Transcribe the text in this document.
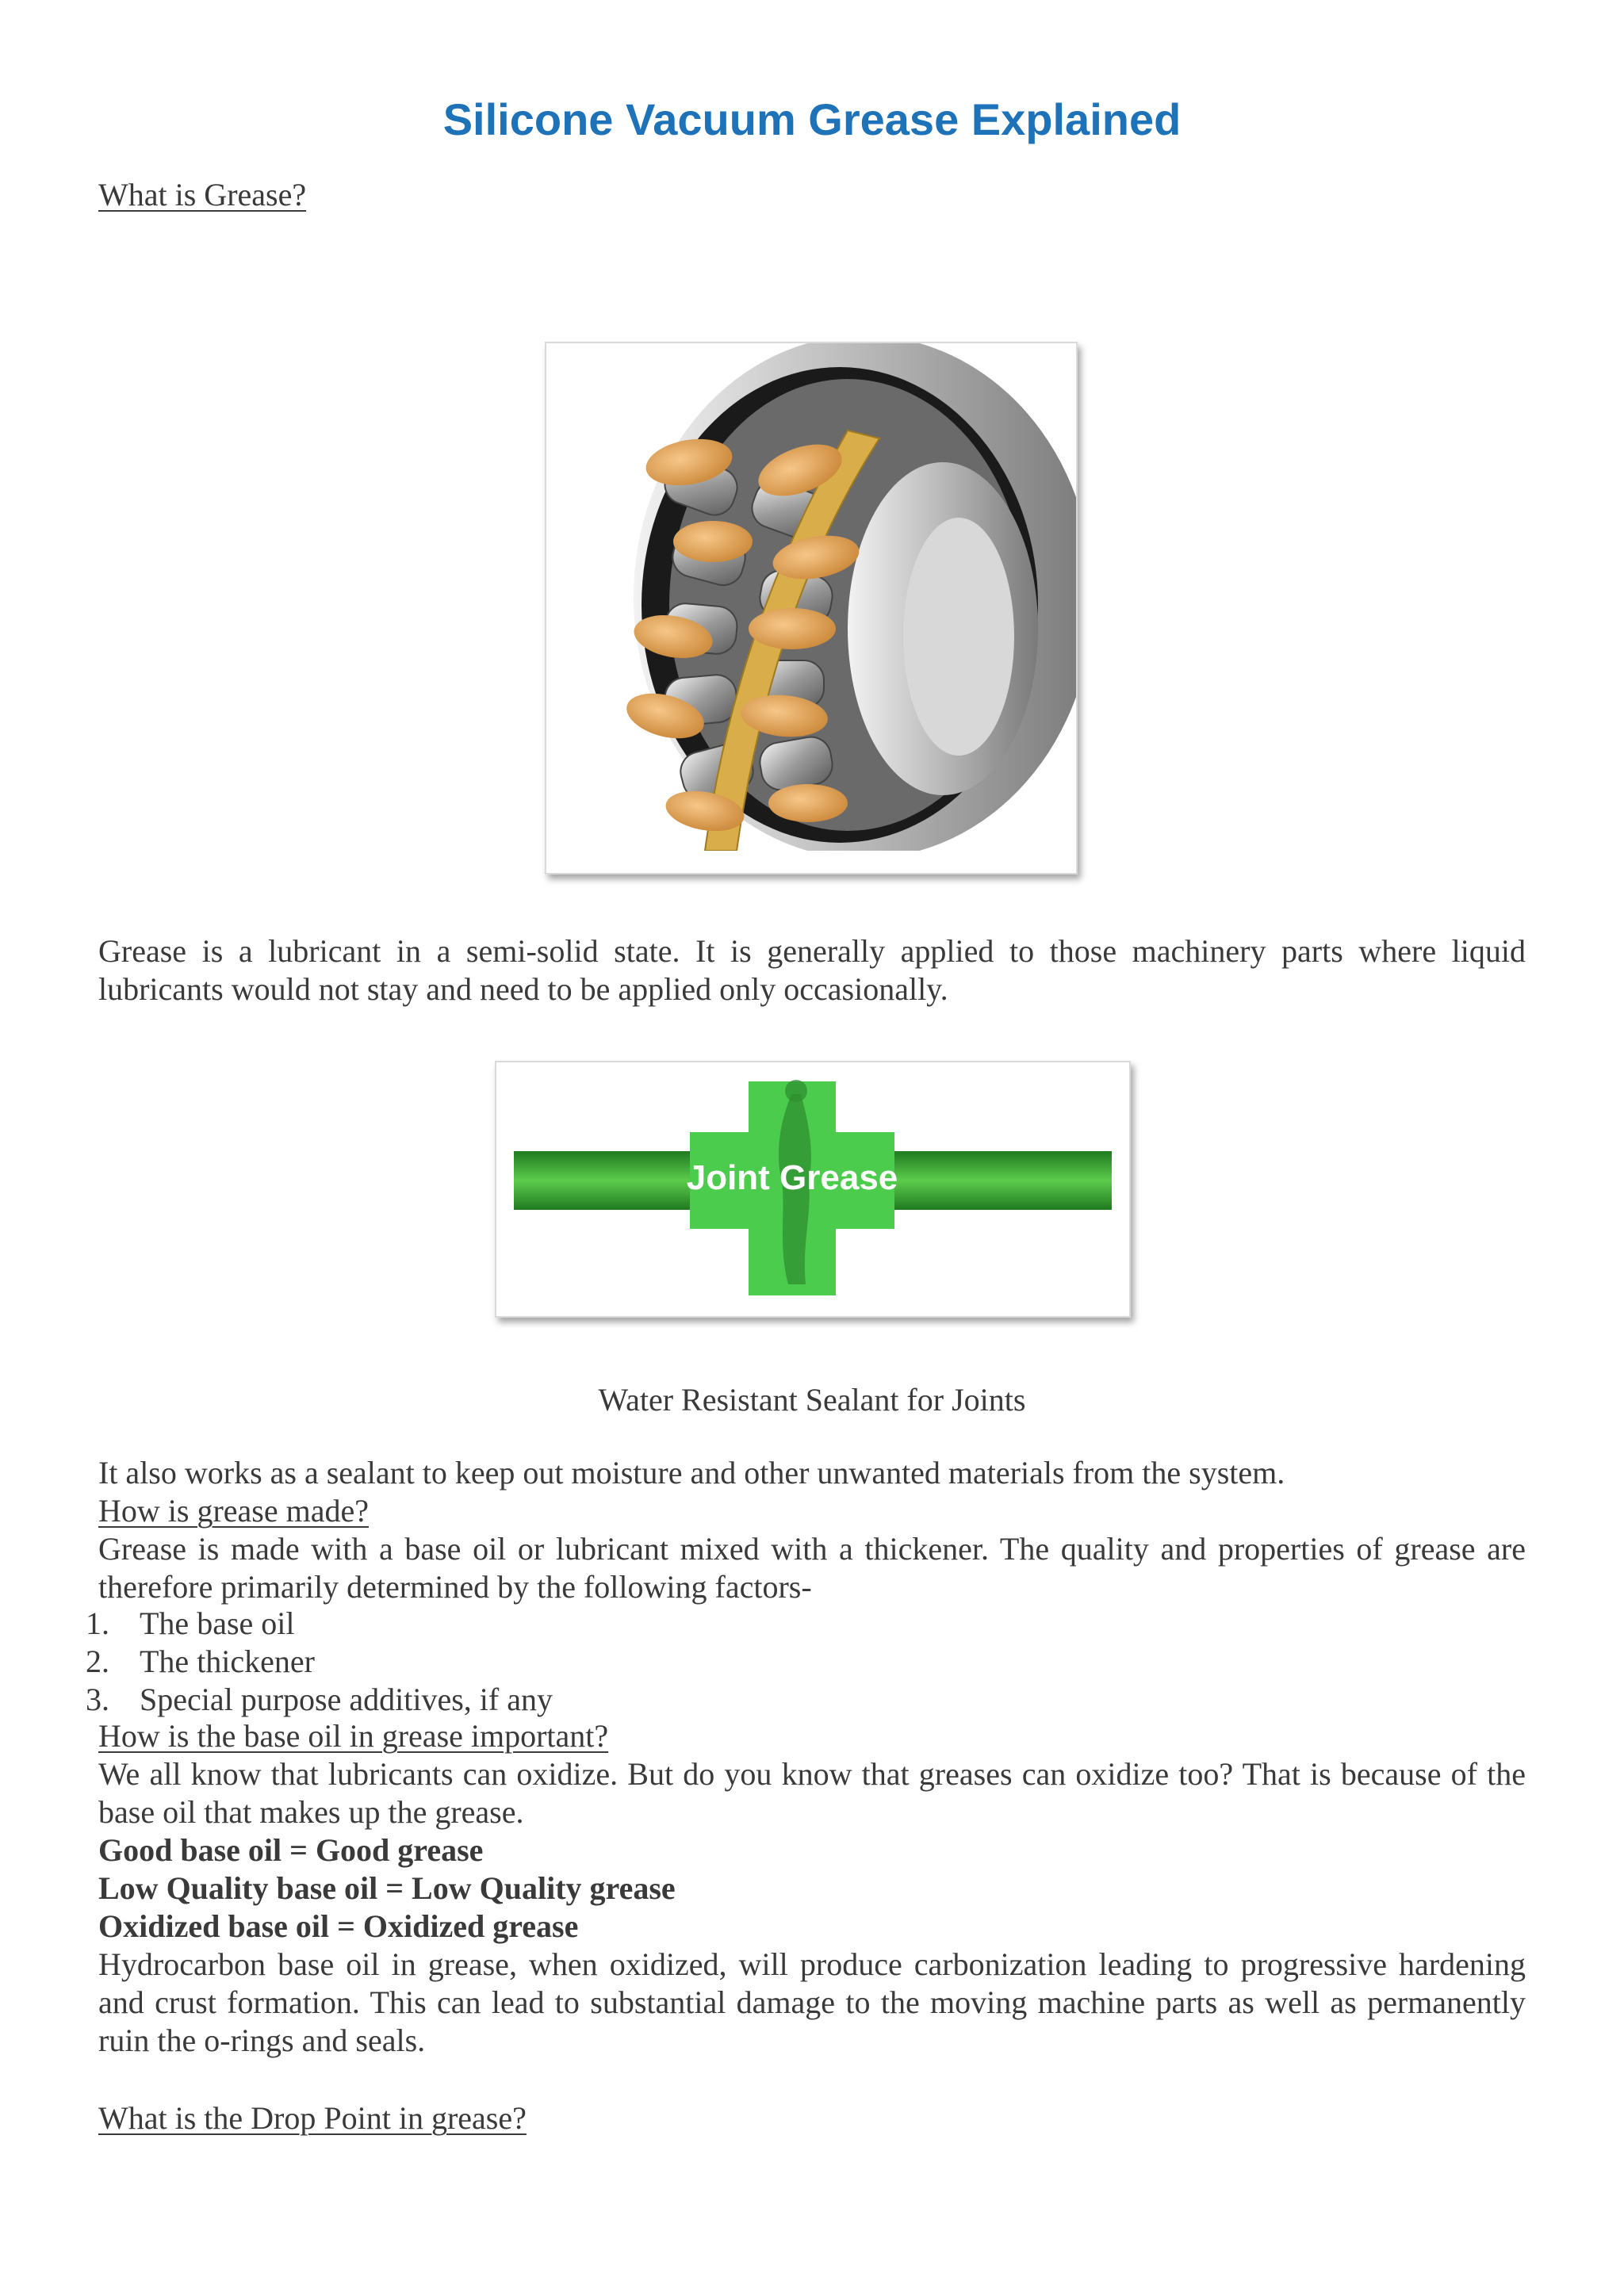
Silicone Vacuum Grease Explained
What is Grease?

Grease is a lubricant in a semi-solid state. It is generally applied to those machinery parts where liquid lubricants would not stay and need to be applied only occasionally.

Joint Grease
Water Resistant Sealant for Joints

It also works as a sealant to keep out moisture and other unwanted materials from the system.

How is grease made?

Grease is made with a base oil or lubricant mixed with a thickener. The quality and properties of grease are therefore primarily determined by the following factors-

1. The base oil
2. The thickener
3. Special purpose additives, if any
How is the base oil in grease important?

We all know that lubricants can oxidize. But do you know that greases can oxidize too? That is because of the base oil that makes up the grease.

Good base oil = Good grease
Low Quality base oil = Low Quality grease
Oxidized base oil = Oxidized grease

Hydrocarbon base oil in grease, when oxidized, will produce carbonization leading to progressive hardening and crust formation. This can lead to substantial damage to the moving machine parts as well as permanently ruin the o-rings and seals.

What is the Drop Point in grease?
